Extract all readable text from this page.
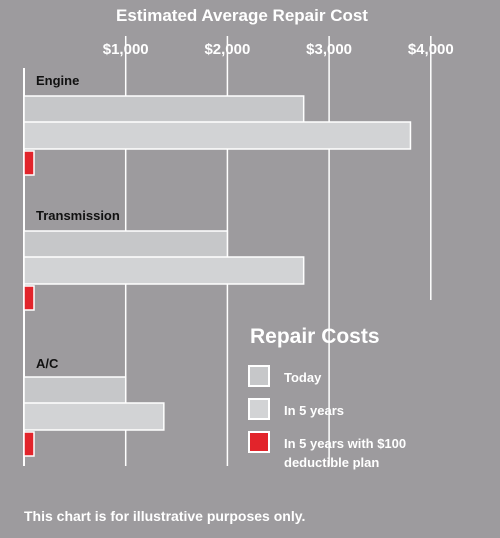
Estimated Average Repair Cost
$1,000	$2,000	$3,000	$4,000
Engine
Transmission
A/C
Repair Costs
Today
In 5 years
In 5 years with $100 deductible plan
This chart is for illustrative purposes only.
